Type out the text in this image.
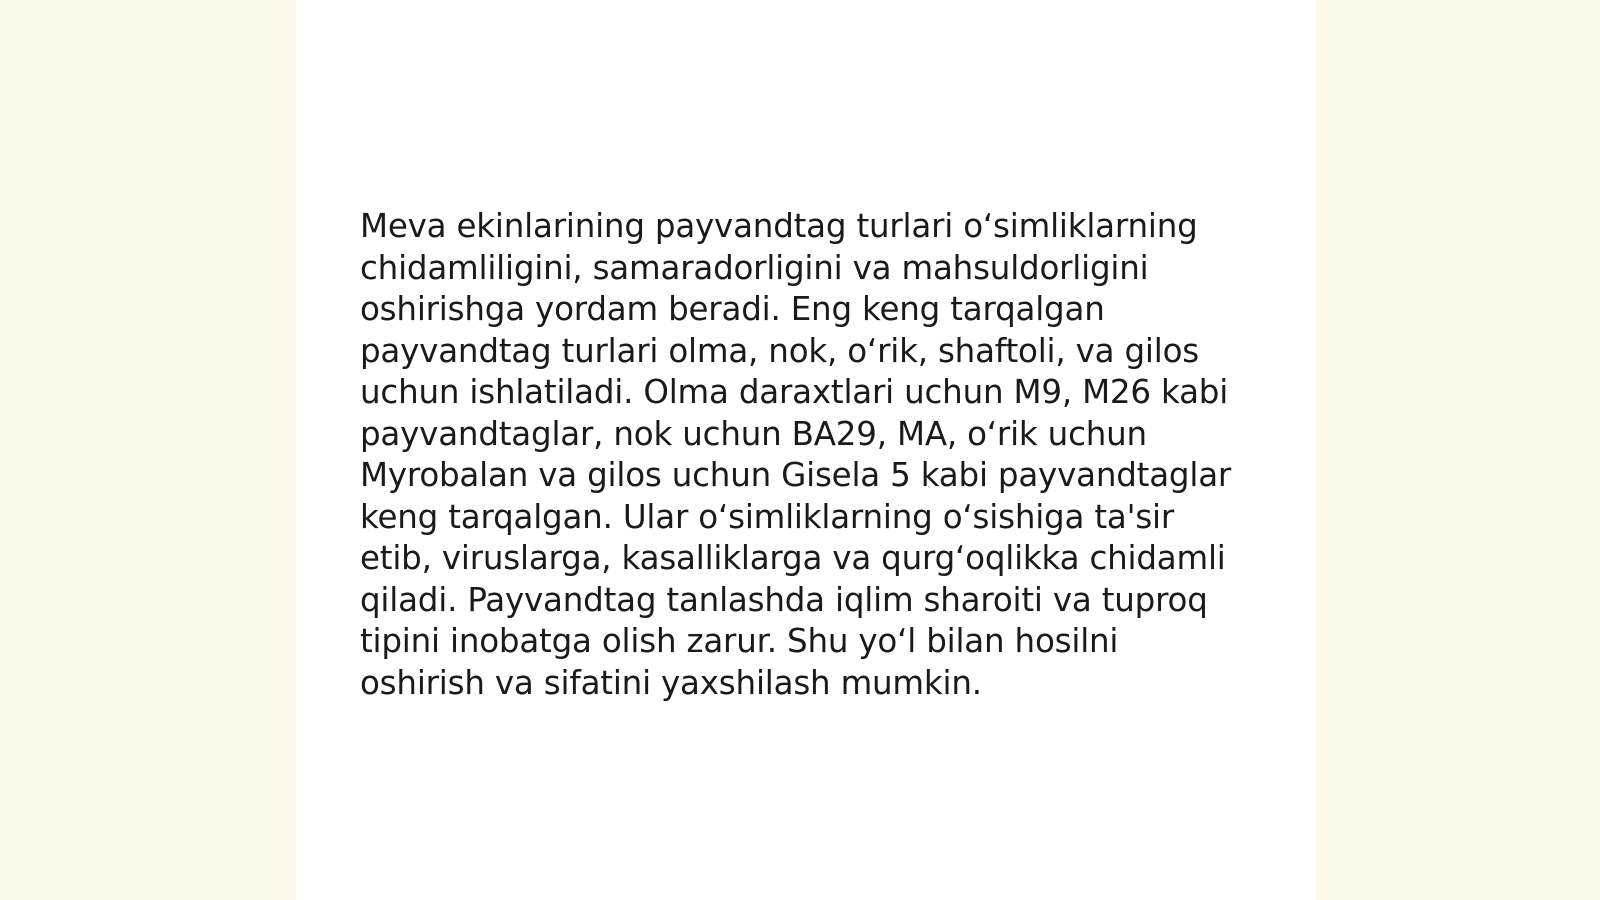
Meva ekinlarining payvandtag turlari o‘simliklarning
chidamliligini, samaradorligini va mahsuldorligini
oshirishga yordam beradi. Eng keng tarqalgan
payvandtag turlari olma, nok, o‘rik, shaftoli, va gilos
uchun ishlatiladi. Olma daraxtlari uchun M9, M26 kabi
payvandtaglar, nok uchun BA29, MA, o‘rik uchun
Myrobalan va gilos uchun Gisela 5 kabi payvandtaglar
keng tarqalgan. Ular o‘simliklarning o‘sishiga ta'sir
etib, viruslarga, kasalliklarga va qurg‘oqlikka chidamli
qiladi. Payvandtag tanlashda iqlim sharoiti va tuproq
tipini inobatga olish zarur. Shu yo‘l bilan hosilni
oshirish va sifatini yaxshilash mumkin.
